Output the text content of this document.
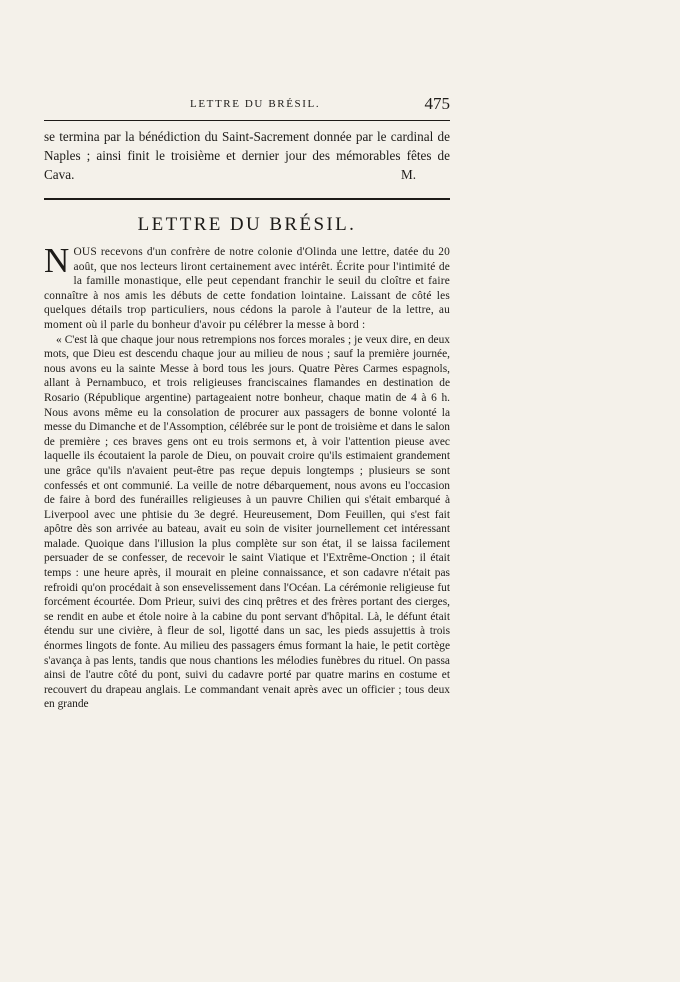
LETTRE DU BRÉSIL.	475

se termina par la bénédiction du Saint-Sacrement donnée par le cardinal de Naples ; ainsi finit le troisième et dernier jour des mémorables fêtes de Cava.	M.
LETTRE DU BRÉSIL.

NOUS recevons d'un confrère de notre colonie d'Olinda une lettre, datée du 20 août, que nos lecteurs liront certainement avec intérêt. Écrite pour l'intimité de la famille monastique, elle peut cependant franchir le seuil du cloître et faire connaître à nos amis les débuts de cette fondation lointaine. Laissant de côté les quelques détails trop particuliers, nous cédons la parole à l'auteur de la lettre, au moment où il parle du bonheur d'avoir pu célébrer la messe à bord :

« C'est là que chaque jour nous retrempions nos forces morales ; je veux dire, en deux mots, que Dieu est descendu chaque jour au milieu de nous ; sauf la première journée, nous avons eu la sainte Messe à bord tous les jours. Quatre Pères Carmes espagnols, allant à Pernambuco, et trois religieuses franciscaines flamandes en destination de Rosario (République argentine) partageaient notre bonheur, chaque matin de 4 à 6 h. Nous avons même eu la consolation de procurer aux passagers de bonne volonté la messe du Dimanche et de l'Assomption, célébrée sur le pont de troisième et dans le salon de première ; ces braves gens ont eu trois sermons et, à voir l'attention pieuse avec laquelle ils écoutaient la parole de Dieu, on pouvait croire qu'ils estimaient grandement une grâce qu'ils n'avaient peut-être pas reçue depuis longtemps ; plusieurs se sont confessés et ont communié. La veille de notre débarquement, nous avons eu l'occasion de faire à bord des funérailles religieuses à un pauvre Chilien qui s'était embarqué à Liverpool avec une phtisie du 3e degré. Heureusement, Dom Feuillen, qui s'est fait apôtre dès son arrivée au bateau, avait eu soin de visiter journellement cet intéressant malade. Quoique dans l'illusion la plus complète sur son état, il se laissa facilement persuader de se confesser, de recevoir le saint Viatique et l'Extrême-Onction ; il était temps : une heure après, il mourait en pleine connaissance, et son cadavre n'était pas refroidi qu'on procédait à son ensevelissement dans l'Océan. La cérémonie religieuse fut forcément écourtée. Dom Prieur, suivi des cinq prêtres et des frères portant des cierges, se rendit en aube et étole noire à la cabine du pont servant d'hôpital. Là, le défunt était étendu sur une civière, à fleur de sol, ligotté dans un sac, les pieds assujettis à trois énormes lingots de fonte. Au milieu des passagers émus formant la haie, le petit cortège s'avança à pas lents, tandis que nous chantions les mélodies funèbres du rituel. On passa ainsi de l'autre côté du pont, suivi du cadavre porté par quatre marins en costume et recouvert du drapeau anglais. Le commandant venait après avec un officier ; tous deux en grande
